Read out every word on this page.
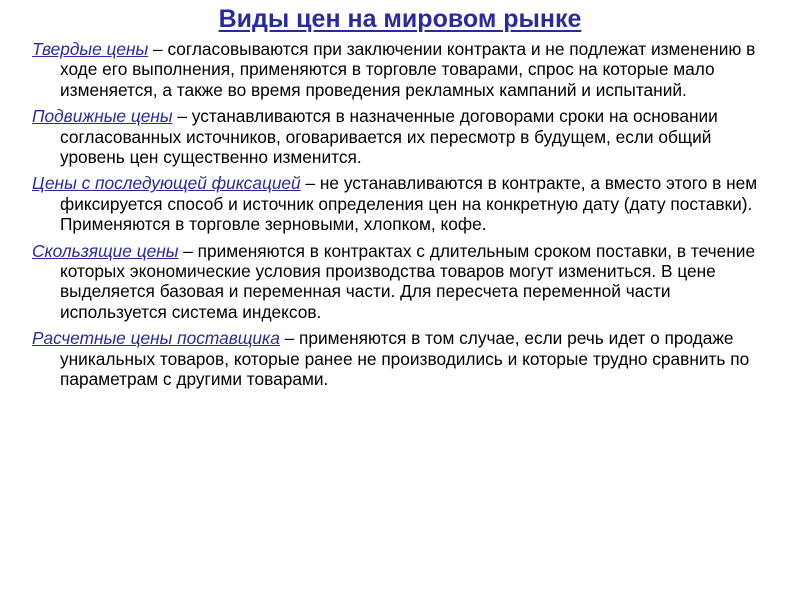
Виды цен на мировом рынке

Твердые цены – согласовываются при заключении контракта и не подлежат изменению в ходе его выполнения, применяются в торговле товарами, спрос на которые мало изменяется, а также во время проведения рекламных кампаний и испытаний.

Подвижные цены – устанавливаются в назначенные договорами сроки на основании согласованных источников, оговаривается их пересмотр в будущем, если общий уровень цен существенно изменится.

Цены с последующей фиксацией – не устанавливаются в контракте, а вместо этого в нем фиксируется способ и источник определения цен на конкретную дату (дату поставки). Применяются в торговле зерновыми, хлопком, кофе.

Скользящие цены – применяются в контрактах с длительным сроком поставки, в течение которых экономические условия производства товаров могут измениться. В цене выделяется базовая и переменная части. Для пересчета переменной части используется система индексов.

Расчетные цены поставщика – применяются в том случае, если речь идет о продаже уникальных товаров, которые ранее не производились и которые трудно сравнить по параметрам с другими товарами.
